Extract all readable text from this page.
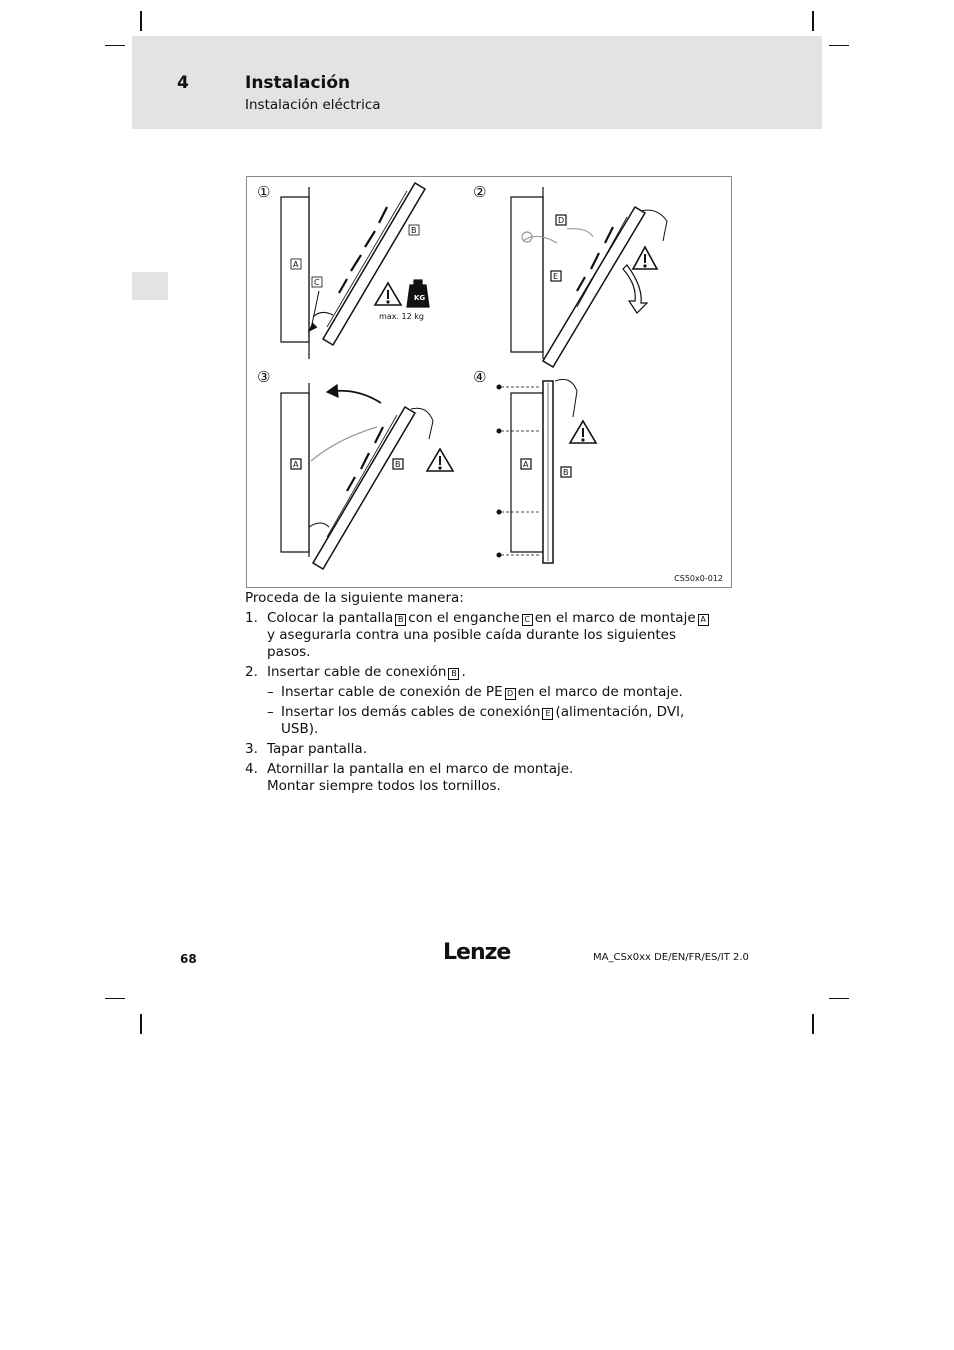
4	Instalación
Instalación eléctrica
①	②
③	④
KG
max. 12 kg
A
B
C
D
E
A	B	A
B
CS50x0-012

Proceda de la siguiente manera:

1. Colocar la pantalla B con el enganche C en el marco de montaje Ay asegurarla contra una posible caída durante los siguientes pasos.
2. Insertar cable de conexión B .
– Insertar cable de conexión de PE D en el marco de montaje.
– Insertar los demás cables de conexión E (alimentación, DVI, USB).
3. Tapar pantalla.
4. Atornillar la pantalla en el marco de montaje.
Montar siempre todos los tornillos.
68	Lenze	MA_CSx0xx DE/EN/FR/ES/IT 2.0
